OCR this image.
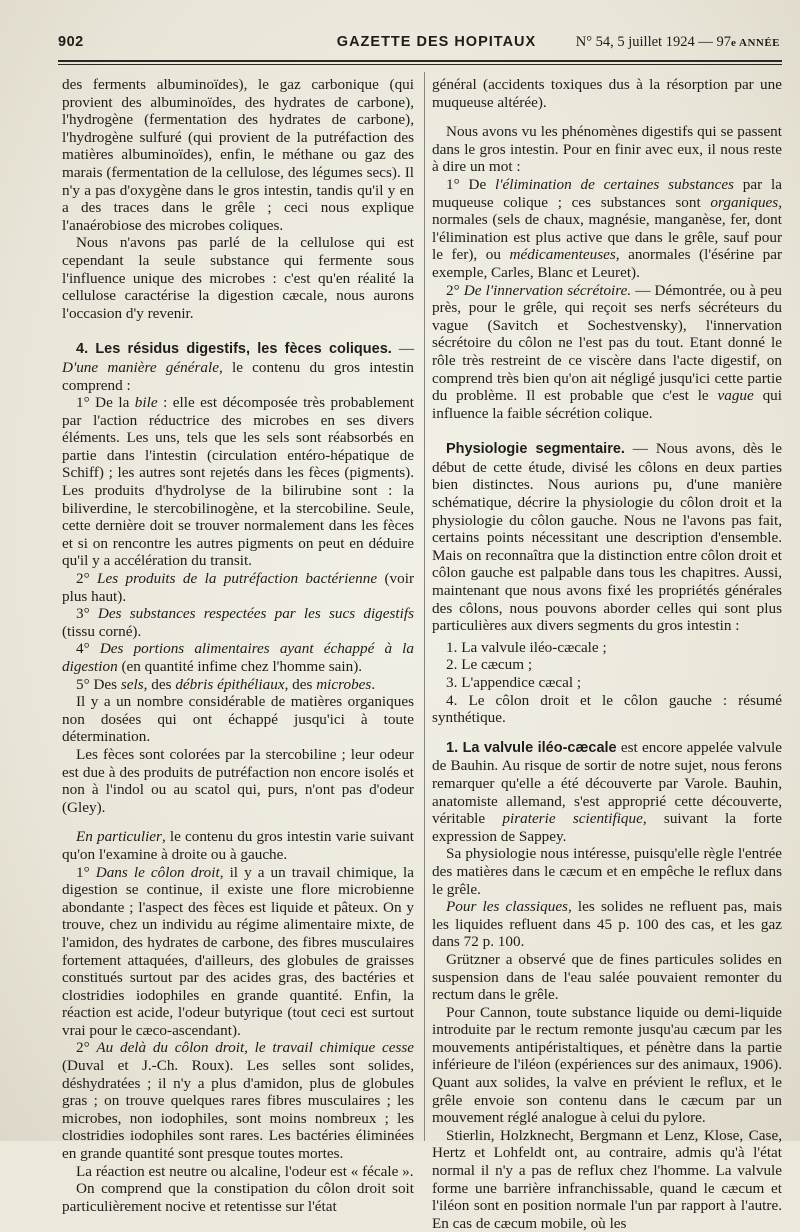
902	GAZETTE DES HOPITAUX	N° 54, 5 juillet 1924 — 97e ANNÉE

des ferments albuminoïdes), le gaz carbonique (qui provient des albuminoïdes, des hydrates de carbone), l'hydrogène (fermentation des hydrates de carbone), l'hydrogène sulfuré (qui provient de la putréfaction des matières albuminoïdes), enfin, le méthane ou gaz des marais (fermentation de la cellulose, des légumes secs). Il n'y a pas d'oxygène dans le gros intestin, tandis qu'il y en a des traces dans le grêle ; ceci nous explique l'anaérobiose des microbes coliques.

Nous n'avons pas parlé de la cellulose qui est cependant la seule substance qui fermente sous l'influence unique des microbes : c'est qu'en réalité la cellulose caractérise la digestion cæcale, nous aurons l'occasion d'y revenir.

4. Les résidus digestifs, les fèces coliques. — D'une manière générale, le contenu du gros intestin comprend :

1° De la bile : elle est décomposée très probablement par l'action réductrice des microbes en ses divers éléments. Les uns, tels que les sels sont réabsorbés en partie dans l'intestin (circulation entéro-hépatique de Schiff) ; les autres sont rejetés dans les fèces (pigments). Les produits d'hydrolyse de la bilirubine sont : la biliverdine, le stercobilinogène, et la stercobiline. Seule, cette dernière doit se trouver normalement dans les fèces et si on rencontre les autres pigments on peut en déduire qu'il y a accélération du transit.

2° Les produits de la putréfaction bactérienne (voir plus haut).

3° Des substances respectées par les sucs digestifs (tissu corné).

4° Des portions alimentaires ayant échappé à la digestion (en quantité infime chez l'homme sain).

5° Des sels, des débris épithéliaux, des microbes.

Il y a un nombre considérable de matières organiques non dosées qui ont échappé jusqu'ici à toute détermination.

Les fèces sont colorées par la stercobiline ; leur odeur est due à des produits de putréfaction non encore isolés et non à l'indol ou au scatol qui, purs, n'ont pas d'odeur (Gley).

En particulier, le contenu du gros intestin varie suivant qu'on l'examine à droite ou à gauche.

1° Dans le côlon droit, il y a un travail chimique, la digestion se continue, il existe une flore microbienne abondante ; l'aspect des fèces est liquide et pâteux. On y trouve, chez un individu au régime alimentaire mixte, de l'amidon, des hydrates de carbone, des fibres musculaires fortement attaquées, d'ailleurs, des globules de graisses constitués surtout par des acides gras, des bactéries et clostridies iodophiles en grande quantité. Enfin, la réaction est acide, l'odeur butyrique (tout ceci est surtout vrai pour le cæco-ascendant).

2° Au delà du côlon droit, le travail chimique cesse (Duval et J.-Ch. Roux). Les selles sont solides, déshydratées ; il n'y a plus d'amidon, plus de globules gras ; on trouve quelques rares fibres musculaires ; les microbes, non iodophiles, sont moins nombreux ; les clostridies iodophiles sont rares. Les bactéries éliminées en grande quantité sont presque toutes mortes.

La réaction est neutre ou alcaline, l'odeur est « fécale ».

On comprend que la constipation du côlon droit soit particulièrement nocive et retentisse sur l'état

général (accidents toxiques dus à la résorption par une muqueuse altérée).

Nous avons vu les phénomènes digestifs qui se passent dans le gros intestin. Pour en finir avec eux, il nous reste à dire un mot :

1° De l'élimination de certaines substances par la muqueuse colique ; ces substances sont organiques, normales (sels de chaux, magnésie, manganèse, fer, dont l'élimination est plus active que dans le grêle, sauf pour le fer), ou médicamenteuses, anormales (l'ésérine par exemple, Carles, Blanc et Leuret).

2° De l'innervation sécrétoire. — Démontrée, ou à peu près, pour le grêle, qui reçoit ses nerfs sécréteurs du vague (Savitch et Sochestvensky), l'innervation sécrétoire du côlon ne l'est pas du tout. Etant donné le rôle très restreint de ce viscère dans l'acte digestif, on comprend très bien qu'on ait négligé jusqu'ici cette partie du problème. Il est probable que c'est le vague qui influence la faible sécrétion colique.

Physiologie segmentaire. — Nous avons, dès le début de cette étude, divisé les côlons en deux parties bien distinctes. Nous aurions pu, d'une manière schématique, décrire la physiologie du côlon droit et la physiologie du côlon gauche. Nous ne l'avons pas fait, certains points nécessitant une description d'ensemble. Mais on reconnaîtra que la distinction entre côlon droit et côlon gauche est palpable dans tous les chapitres. Aussi, maintenant que nous avons fixé les propriétés générales des côlons, nous pouvons aborder celles qui sont plus particulières aux divers segments du gros intestin :

1. La valvule iléo-cæcale ;
2. Le cæcum ;
3. L'appendice cæcal ;
4. Le côlon droit et le côlon gauche : résumé synthétique.

1. La valvule iléo-cæcale est encore appelée valvule de Bauhin. Au risque de sortir de notre sujet, nous ferons remarquer qu'elle a été découverte par Varole. Bauhin, anatomiste allemand, s'est approprié cette découverte, véritable piraterie scientifique, suivant la forte expression de Sappey.

Sa physiologie nous intéresse, puisqu'elle règle l'entrée des matières dans le cæcum et en empêche le reflux dans le grêle.

Pour les classiques, les solides ne refluent pas, mais les liquides refluent dans 45 p. 100 des cas, et les gaz dans 72 p. 100.

Grützner a observé que de fines particules solides en suspension dans de l'eau salée pouvaient remonter du rectum dans le grêle.

Pour Cannon, toute substance liquide ou demi-liquide introduite par le rectum remonte jusqu'au cæcum par les mouvements antipéristaltiques, et pénètre dans la partie inférieure de l'iléon (expériences sur des animaux, 1906). Quant aux solides, la valve en prévient le reflux, et le grêle envoie son contenu dans le cæcum par un mouvement réglé analogue à celui du pylore.

Stierlin, Holzknecht, Bergmann et Lenz, Klose, Case, Hertz et Lohfeldt ont, au contraire, admis qu'à l'état normal il n'y a pas de reflux chez l'homme. La valvule forme une barrière infranchissable, quand le cæcum et l'iléon sont en position normale l'un par rapport à l'autre. En cas de cæcum mobile, où les
